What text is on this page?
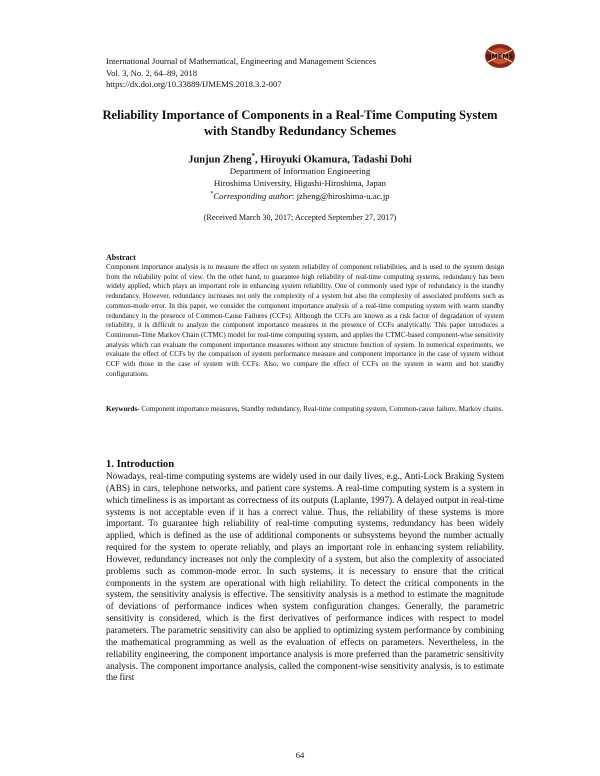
International Journal of Mathematical, Engineering and Management Sciences
Vol. 3, No. 2, 64–89, 2018
https://dx.doi.org/10.33889/IJMEMS.2018.3.2-007
IJMEMS
Reliability Importance of Components in a Real-Time Computing System with Standby Redundancy Schemes
Junjun Zheng*, Hiroyuki Okamura, Tadashi Dohi
Department of Information Engineering
Hiroshima University, Higashi-Hiroshima, Japan
*Corresponding author: jzheng@hiroshima-u.ac.jp
(Received March 30, 2017; Accepted September 27, 2017)
Abstract
Component importance analysis is to measure the effect on system reliability of component reliabilities, and is used to the system design from the reliability point of view. On the other hand, to guarantee high reliability of real-time computing systems, redundancy has been widely applied, which plays an important role in enhancing system reliability. One of commonly used type of redundancy is the standby redundancy. However, redundancy increases not only the complexity of a system but also the complexity of associated problems such as common-mode error. In this paper, we consider the component importance analysis of a real-time computing system with warm standby redundancy in the presence of Common-Cause Failures (CCFs). Although the CCFs are known as a risk factor of degradation of system reliability, it is difficult to analyze the component importance measures in the presence of CCFs analytically. This paper introduces a Continuous-Time Markov Chain (CTMC) model for real-time computing system, and applies the CTMC-based component-wise sensitivity analysis which can evaluate the component importance measures without any structure function of system. In numerical experiments, we evaluate the effect of CCFs by the comparison of system performance measure and component importance in the case of system without CCF with those in the case of system with CCFs. Also, we compare the effect of CCFs on the system in warm and hot standby configurations.
Keywords- Component importance measures, Standby redundancy, Real-time computing system, Common-cause failure, Markov chains.
1. Introduction
Nowadays, real-time computing systems are widely used in our daily lives, e.g., Anti-Lock Braking System (ABS) in cars, telephone networks, and patient care systems. A real-time computing system is a system in which timeliness is as important as correctness of its outputs (Laplante, 1997). A delayed output in real-time systems is not acceptable even if it has a correct value. Thus, the reliability of these systems is more important. To guarantee high reliability of real-time computing systems, redundancy has been widely applied, which is defined as the use of additional components or subsystems beyond the number actually required for the system to operate reliably, and plays an important role in enhancing system reliability. However, redundancy increases not only the complexity of a system, but also the complexity of associated problems such as common-mode error. In such systems, it is necessary to ensure that the critical components in the system are operational with high reliability. To detect the critical components in the system, the sensitivity analysis is effective. The sensitivity analysis is a method to estimate the magnitude of deviations of performance indices when system configuration changes. Generally, the parametric sensitivity is considered, which is the first derivatives of performance indices with respect to model parameters. The parametric sensitivity can also be applied to optimizing system performance by combining the mathematical programming as well as the evaluation of effects on parameters. Nevertheless, in the reliability engineering, the component importance analysis is more preferred than the parametric sensitivity analysis. The component importance analysis, called the component-wise sensitivity analysis, is to estimate the first
64
